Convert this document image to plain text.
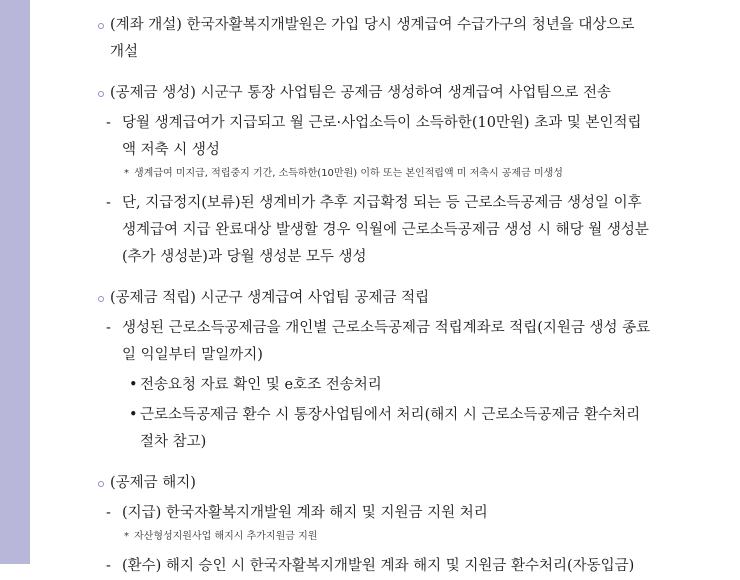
(계좌 개설) 한국자활복지개발원은 가입 당시 생계급여 수급가구의 청년을 대상으로 개설
(공제금 생성) 시군구 통장 사업팀은 공제금 생성하여 생계급여 사업팀으로 전송
- 당월 생계급여가 지급되고 월 근로·사업소득이 소득하한(10만원) 초과 및 본인적립액 저축 시 생성
* 생계급여 미지급, 적립중지 기간, 소득하한(10만원) 이하 또는 본인적립액 미 저축시 공제금 미생성
- 단, 지급정지(보류)된 생계비가 추후 지급확정 되는 등 근로소득공제금 생성일 이후 생계급여 지급 완료대상 발생할 경우 익월에 근로소득공제금 생성 시 해당 월 생성분(추가 생성분)과 당월 생성분 모두 생성
(공제금 적립) 시군구 생계급여 사업팀 공제금 적립
- 생성된 근로소득공제금을 개인별 근로소득공제금 적립계좌로 적립(지원금 생성 종료일 익일부터 말일까지)
• 전송요청 자료 확인 및 e호조 전송처리
• 근로소득공제금 환수 시 통장사업팀에서 처리(해지 시 근로소득공제금 환수처리 절차 참고)
(공제금 해지)
- (지급) 한국자활복지개발원 계좌 해지 및 지원금 지원 처리
* 자산형성지원사업 해지시 추가지원금 지원
- (환수) 해지 승인 시 한국자활복지개발원 계좌 해지 및 지원금 환수처리(자동입금)
